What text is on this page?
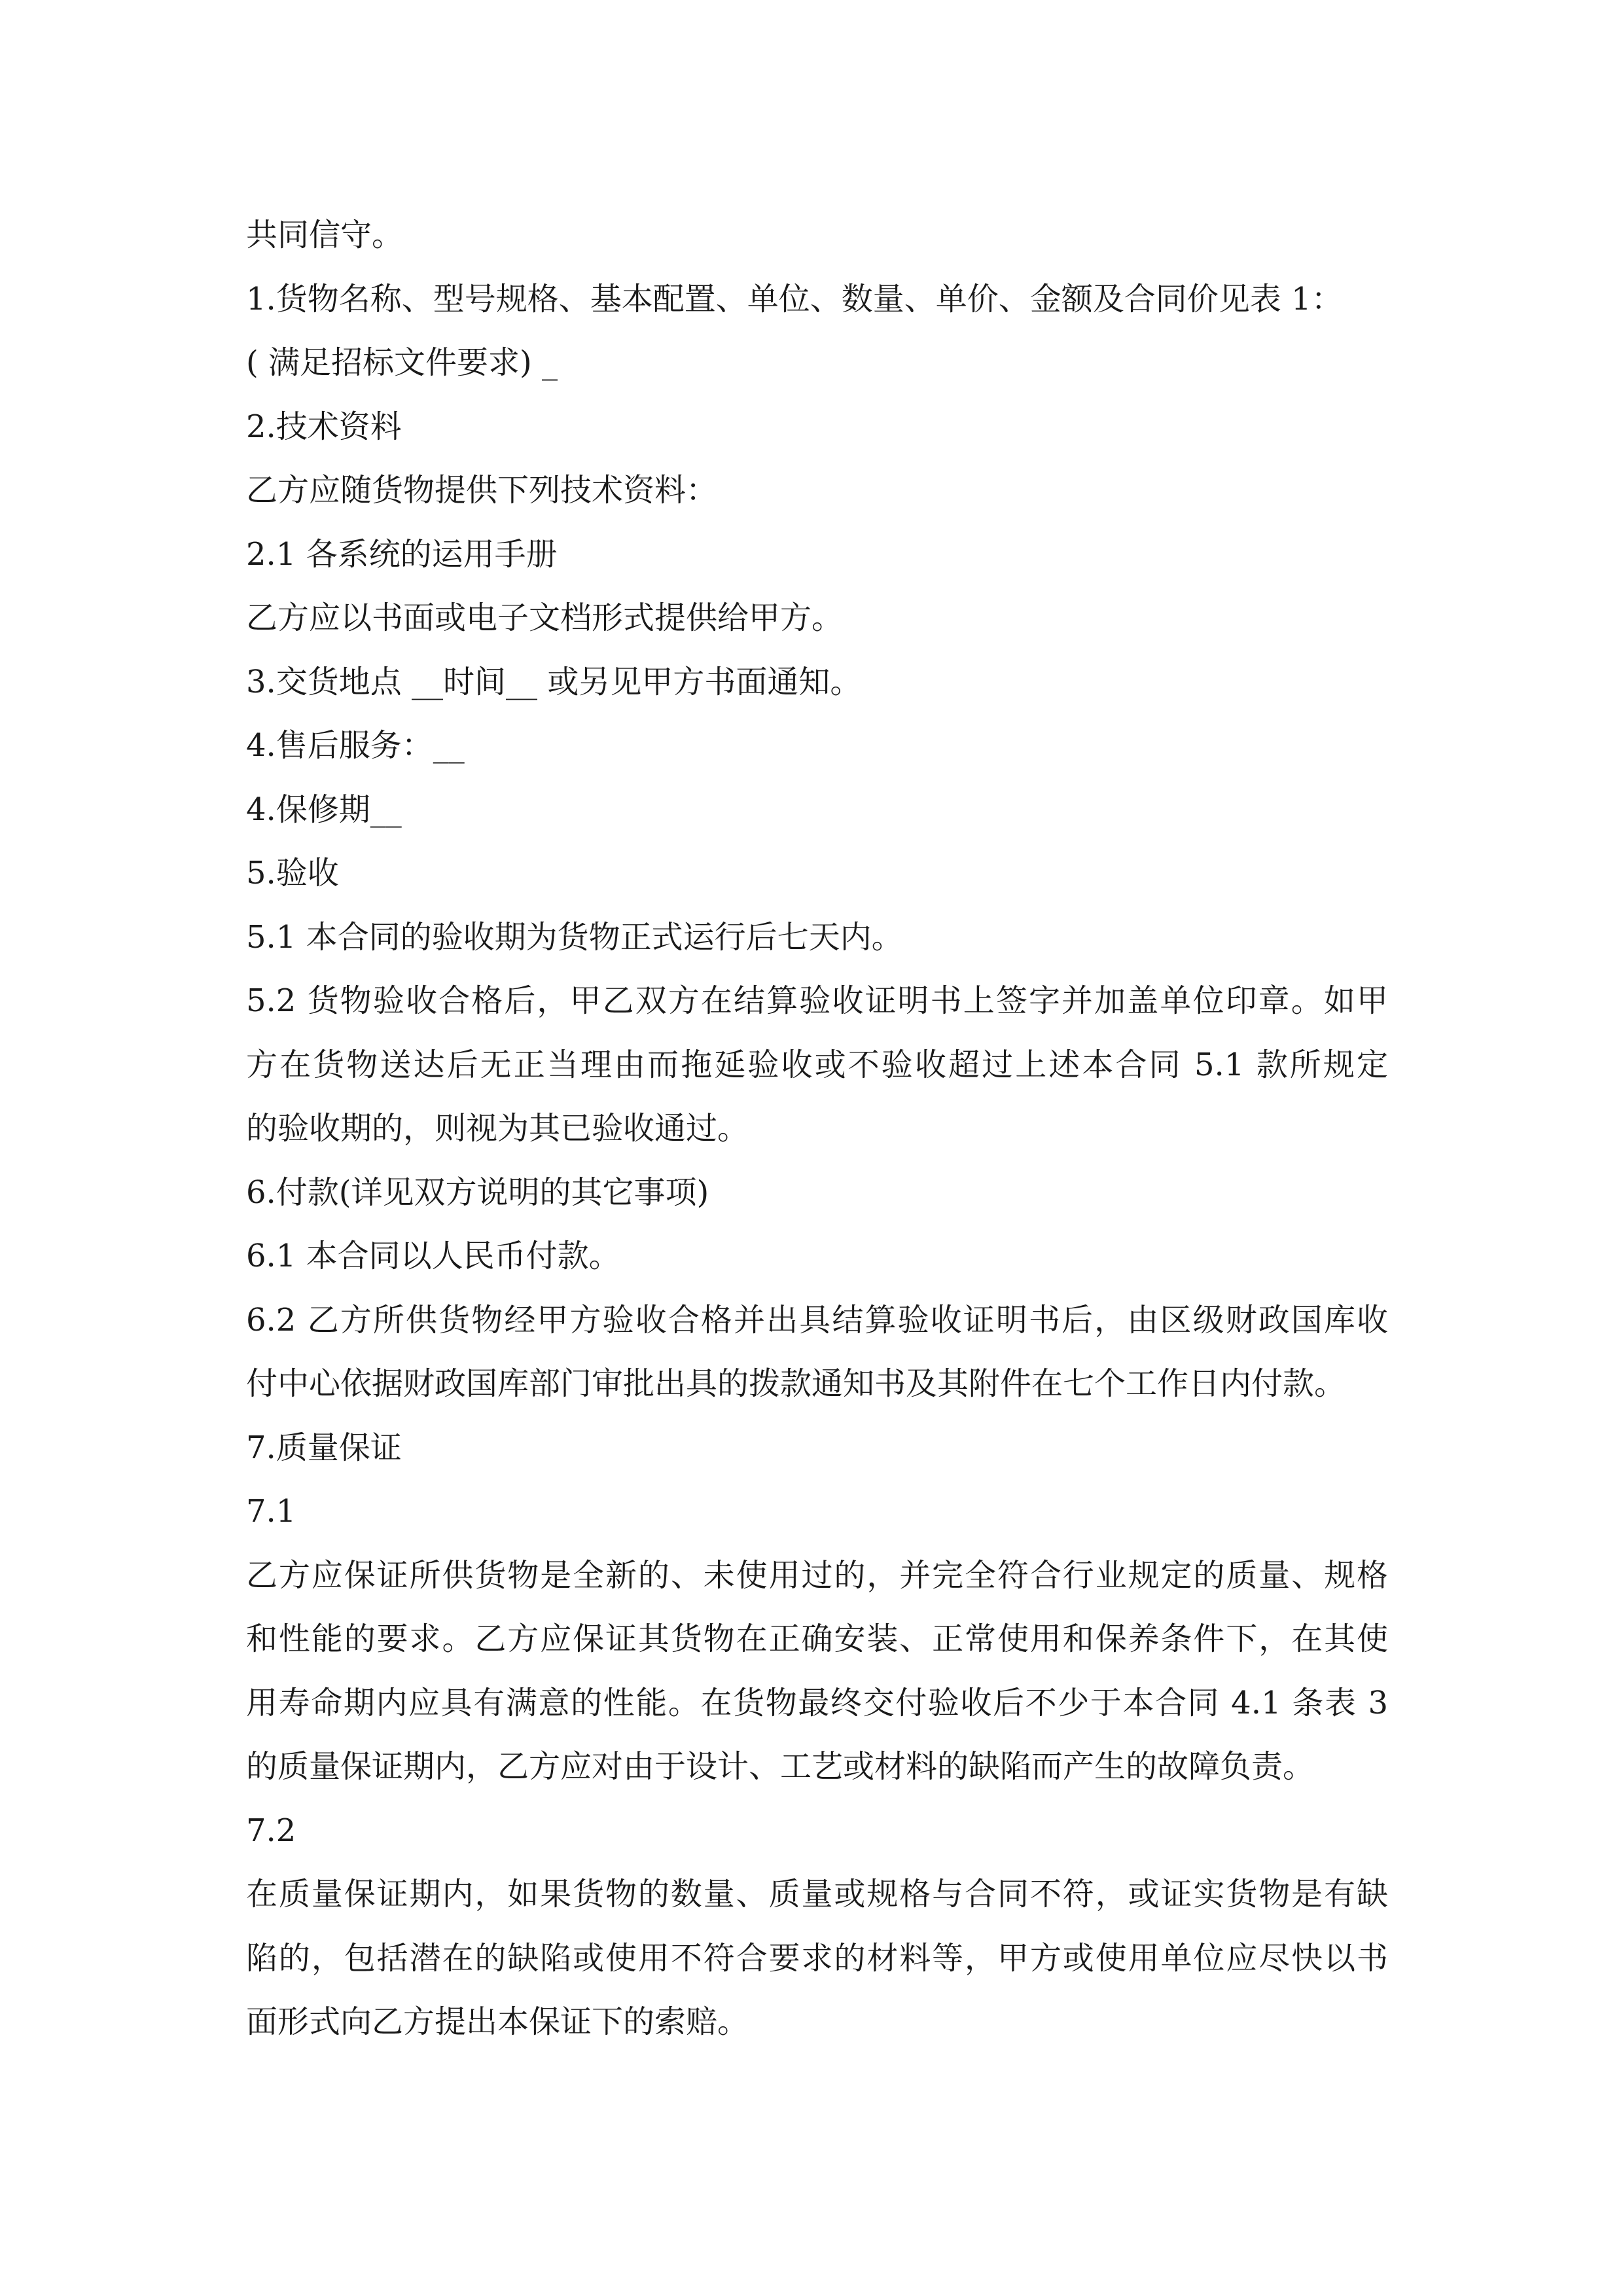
共同信守。

1.货物名称、型号规格、基本配置、单位、数量、单价、金额及合同价见表 1：

( 满足招标文件要求) _

2.技术资料

乙方应随货物提供下列技术资料：

2.1 各系统的运用手册

乙方应以书面或电子文档形式提供给甲方。

3.交货地点 __时间__ 或另见甲方书面通知。

4.售后服务：__

4.保修期__

5.验收

5.1 本合同的验收期为货物正式运行后七天内。

5.2 货物验收合格后，甲乙双方在结算验收证明书上签字并加盖单位印章。如甲

方在货物送达后无正当理由而拖延验收或不验收超过上述本合同 5.1 款所规定

的验收期的，则视为其已验收通过。

6.付款(详见双方说明的其它事项)

6.1 本合同以人民币付款。

6.2 乙方所供货物经甲方验收合格并出具结算验收证明书后，由区级财政国库收

付中心依据财政国库部门审批出具的拨款通知书及其附件在七个工作日内付款。

7.质量保证

7.1

乙方应保证所供货物是全新的、未使用过的，并完全符合行业规定的质量、规格

和性能的要求。乙方应保证其货物在正确安装、正常使用和保养条件下，在其使

用寿命期内应具有满意的性能。在货物最终交付验收后不少于本合同 4.1 条表 3

的质量保证期内，乙方应对由于设计、工艺或材料的缺陷而产生的故障负责。

7.2

在质量保证期内，如果货物的数量、质量或规格与合同不符，或证实货物是有缺

陷的，包括潜在的缺陷或使用不符合要求的材料等，甲方或使用单位应尽快以书

面形式向乙方提出本保证下的索赔。
